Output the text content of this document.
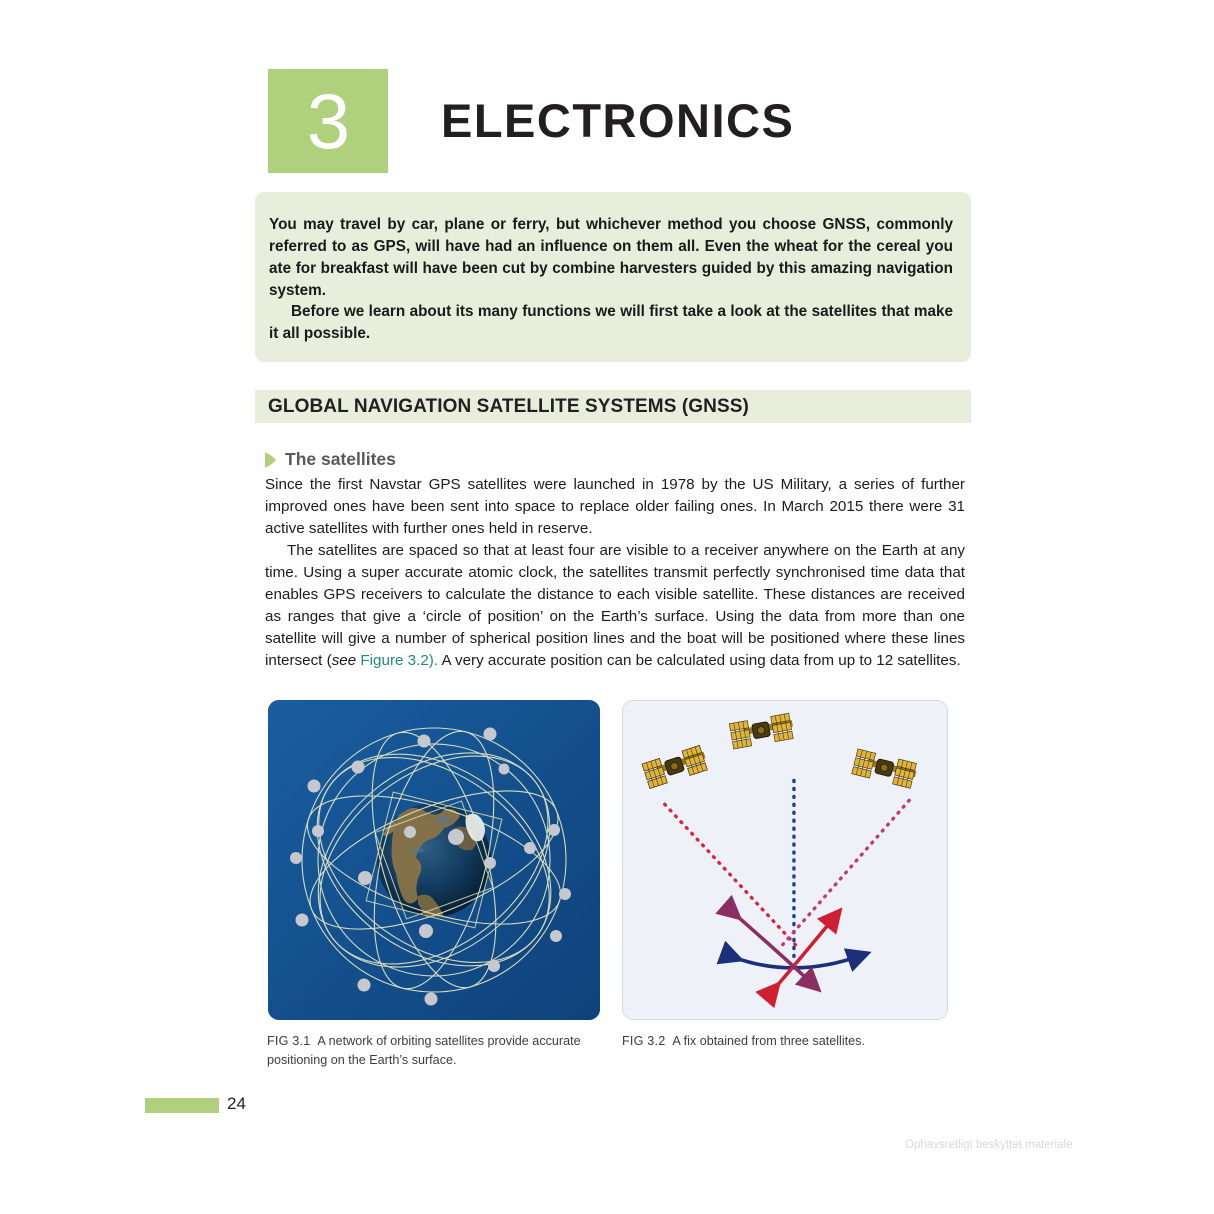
3 ELECTRONICS

You may travel by car, plane or ferry, but whichever method you choose GNSS, commonly referred to as GPS, will have had an influence on them all. Even the wheat for the cereal you ate for breakfast will have been cut by combine harvesters guided by this amazing navigation system.

Before we learn about its many functions we will first take a look at the satellites that make it all possible.

GLOBAL NAVIGATION SATELLITE SYSTEMS (GNSS)
The satellites

Since the first Navstar GPS satellites were launched in 1978 by the US Military, a series of further improved ones have been sent into space to replace older failing ones. In March 2015 there were 31 active satellites with further ones held in reserve.

The satellites are spaced so that at least four are visible to a receiver anywhere on the Earth at any time. Using a super accurate atomic clock, the satellites transmit perfectly synchronised time data that enables GPS receivers to calculate the distance to each visible satellite. These distances are received as ranges that give a ‘circle of position’ on the Earth’s surface. Using the data from more than one satellite will give a number of spherical position lines and the boat will be positioned where these lines intersect (see Figure 3.2). A very accurate position can be calculated using data from up to 12 satellites.

FIG 3.1 A network of orbiting satellites provide accurate positioning on the Earth’s surface.
FIG 3.2 A fix obtained from three satellites.
24
Ophavsretligt beskyttet materiale
